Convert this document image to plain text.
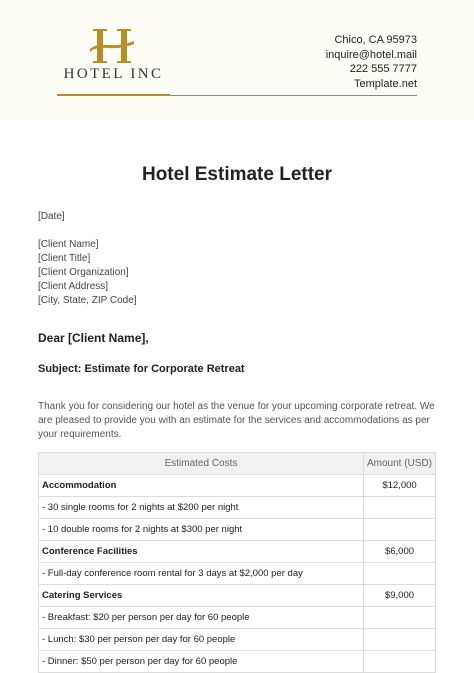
HOTEL INC
Chico, CA 95973
inquire@hotel.mail
222 555 7777
Template.net
Hotel Estimate Letter
[Date]
[Client Name]
[Client Title]
[Client Organization]
[Client Address]
[City, State, ZIP Code]
Dear [Client Name],
Subject: Estimate for Corporate Retreat
Thank you for considering our hotel as the venue for your upcoming corporate retreat. We are pleased to provide you with an estimate for the services and accommodations as per your requirements.
Estimated Costs	Amount (USD)
Accommodation	$12,000
- 30 single rooms for 2 nights at $200 per night	
- 10 double rooms for 2 nights at $300 per night	
Conference Facilities	$6,000
- Full-day conference room rental for 3 days at $2,000 per day	
Catering Services	$9,000
- Breakfast: $20 per person per day for 60 people	
- Lunch: $30 per person per day for 60 people	
- Dinner: $50 per person per day for 60 people	
